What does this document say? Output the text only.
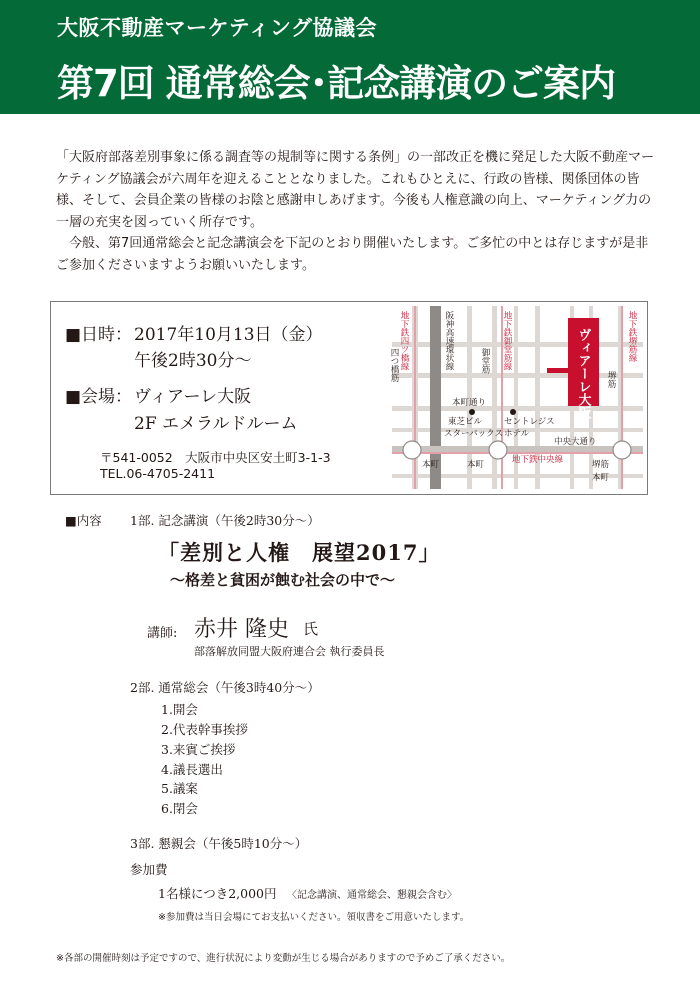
大阪不動産マーケティング協議会
第7回 通常総会･記念講演のご案内

「大阪府部落差別事象に係る調査等の規制等に関する条例」の一部改正を機に発足した大阪不動産マーケティング協議会が六周年を迎えることとなりました。これもひとえに、行政の皆様、関係団体の皆様、そして、会員企業の皆様のお陰と感謝申しあげます。今後も人権意識の向上、マーケティング力の一層の充実を図っていく所存です。

　今般、第7回通常総会と記念講演会を下記のとおり開催いたします。ご多忙の中とは存じますが是非ご参加くださいますようお願いいたします。

■日時： 2017年10月13日（金）
午後2時30分～
■会場： ヴィアーレ大阪
2F エメラルドルーム
〒541-0052　大阪市中央区安土町3-1-3
TEL.06-4705-2411
ヴィアーレ大阪
地下鉄四ツ橋線
四つ橋筋	阪神高速環状線	地下鉄御堂筋線
御堂筋	地下鉄堺筋線
堺筋
本町通り
東芝ビル
スターバックス
セントレジス
ホテル
中央大通り
地下鉄中央線
本町	本町	堺筋
本町
■内容 1部. 記念講演（午後2時30分～）
「差別と人権　展望2017」
～格差と貧困が蝕む社会の中で～
講師: 赤井 隆史 氏
部落解放同盟大阪府連合会 執行委員長
2部. 通常総会（午後3時40分～）
1.開会
2.代表幹事挨拶
3.来賓ご挨拶
4.議長選出
5.議案
6.閉会
3部. 懇親会（午後5時10分～）
参加費
1名様につき2,000円 〈記念講演、通常総会、懇親会含む〉
※参加費は当日会場にてお支払いください。領収書をご用意いたします。
※各部の開催時刻は予定ですので、進行状況により変動が生じる場合がありますので予めご了承ください。
